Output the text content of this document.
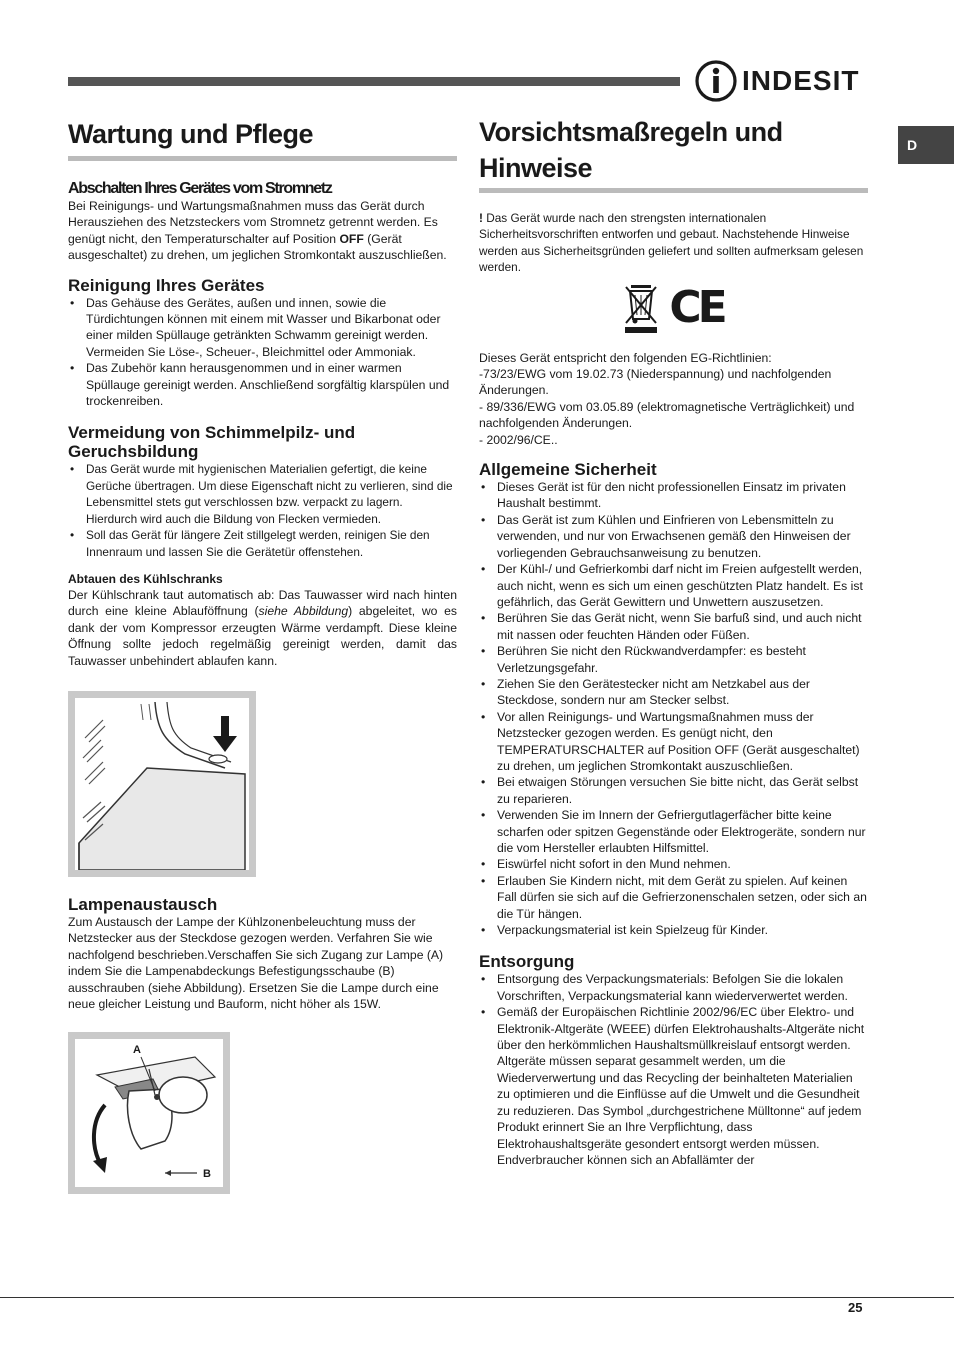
INDESIT
D
Wartung und Pflege
Abschalten Ihres Gerätes vom Stromnetz

Bei Reinigungs- und Wartungsmaßnahmen muss das Gerät durch Herausziehen des Netzsteckers vom Stromnetz getrennt werden. Es genügt nicht, den Temperaturschalter auf Position OFF (Gerät ausgeschaltet) zu drehen, um jeglichen Stromkontakt auszuschließen.

Reinigung Ihres Gerätes
• Das Gehäuse des Gerätes, außen und innen, sowie die Türdichtungen können mit einem mit Wasser und Bikarbonat oder einer milden Spüllauge getränkten Schwamm gereinigt werden. Vermeiden Sie Löse-, Scheuer-, Bleichmittel oder Ammoniak.
• Das Zubehör kann herausgenommen und in einer warmen Spüllauge gereinigt werden. Anschließend sorgfältig klarspülen und trockenreiben.
Vermeidung von Schimmelpilz- und Geruchsbildung
• Das Gerät wurde mit hygienischen Materialien gefertigt, die keine Gerüche übertragen. Um diese Eigenschaft nicht zu verlieren, sind die Lebensmittel stets gut verschlossen bzw. verpackt zu lagern. Hierdurch wird auch die Bildung von Flecken vermieden.
• Soll das Gerät für längere Zeit stillgelegt werden, reinigen Sie den Innenraum und lassen Sie die Gerätetür offenstehen.
Abtauen des Kühlschranks

Der Kühlschrank taut automatisch ab: Das Tauwasser wird nach hinten durch eine kleine Ablauföffnung (siehe Abbildung) abgeleitet, wo es dank der vom Kompressor erzeugten Wärme verdampft. Diese kleine Öffnung sollte jedoch regelmäßig gereinigt werden, damit das Tauwasser unbehindert ablaufen kann.

Lampenaustausch

Zum Austausch der Lampe der Kühlzonenbeleuchtung muss der Netzstecker aus der Steckdose gezogen werden. Verfahren Sie wie nachfolgend beschrieben.Verschaffen Sie sich Zugang zur Lampe (A) indem Sie die Lampenabdeckungs Befestigungsschaube (B) ausschrauben (siehe Abbildung). Ersetzen Sie die Lampe durch eine neue gleicher Leistung und Bauform, nicht höher als 15W.

A
B
Vorsichtsmaßregeln und Hinweise

! Das Gerät wurde nach den strengsten internationalen Sicherheitsvorschriften entworfen und gebaut. Nachstehende Hinweise werden aus Sicherheitsgründen geliefert und sollten aufmerksam gelesen werden.

CE

Dieses Gerät entspricht den folgenden EG-Richtlinien:

-73/23/EWG vom 19.02.73 (Niederspannung) und nachfolgenden Änderungen.

- 89/336/EWG vom 03.05.89 (elektromagnetische Verträglichkeit) und nachfolgenden Änderungen.

- 2002/96/CE..

Allgemeine Sicherheit
• Dieses Gerät ist für den nicht professionellen Einsatz im privaten Haushalt bestimmt.
• Das Gerät ist zum Kühlen und Einfrieren von Lebensmitteln zu verwenden, und nur von Erwachsenen gemäß den Hinweisen der vorliegenden Gebrauchsanweisung zu benutzen.
• Der Kühl-/ und Gefrierkombi darf nicht im Freien aufgestellt werden, auch nicht, wenn es sich um einen geschützten Platz handelt. Es ist gefährlich, das Gerät Gewittern und Unwettern auszusetzen.
• Berühren Sie das Gerät nicht, wenn Sie barfuß sind, und auch nicht mit nassen oder feuchten Händen oder Füßen.
• Berühren Sie nicht den Rückwandverdampfer: es besteht Verletzungsgefahr.
• Ziehen Sie den Gerätestecker nicht am Netzkabel aus der Steckdose, sondern nur am Stecker selbst.
• Vor allen Reinigungs- und Wartungsmaßnahmen muss der Netzstecker gezogen werden. Es genügt nicht, den TEMPERATURSCHALTER auf Position OFF (Gerät ausgeschaltet) zu drehen, um jeglichen Stromkontakt auszuschließen.
• Bei etwaigen Störungen versuchen Sie bitte nicht, das Gerät selbst zu reparieren.
• Verwenden Sie im Innern der Gefriergutlagerfächer bitte keine scharfen oder spitzen Gegenstände oder Elektrogeräte, sondern nur die vom Hersteller erlaubten Hilfsmittel.
• Eiswürfel nicht sofort in den Mund nehmen.
• Erlauben Sie Kindern nicht, mit dem Gerät zu spielen. Auf keinen Fall dürfen sie sich auf die Gefrierzonenschalen setzen, oder sich an die Tür hängen.
• Verpackungsmaterial ist kein Spielzeug für Kinder.
Entsorgung
• Entsorgung des Verpackungsmaterials: Befolgen Sie die lokalen Vorschriften, Verpackungsmaterial kann wiederverwertet werden.
• Gemäß der Europäischen Richtlinie 2002/96/EC über Elektro- und Elektronik-Altgeräte (WEEE) dürfen Elektrohaushalts-Altgeräte nicht über den herkömmlichen Haushaltsmüllkreislauf entsorgt werden. Altgeräte müssen separat gesammelt werden, um die Wiederverwertung und das Recycling der beinhalteten Materialien zu optimieren und die Einflüsse auf die Umwelt und die Gesundheit zu reduzieren. Das Symbol „durchgestrichene Mülltonne“ auf jedem Produkt erinnert Sie an Ihre Verpflichtung, dass Elektrohaushaltsgeräte gesondert entsorgt werden müssen. Endverbraucher können sich an Abfallämter der
25
